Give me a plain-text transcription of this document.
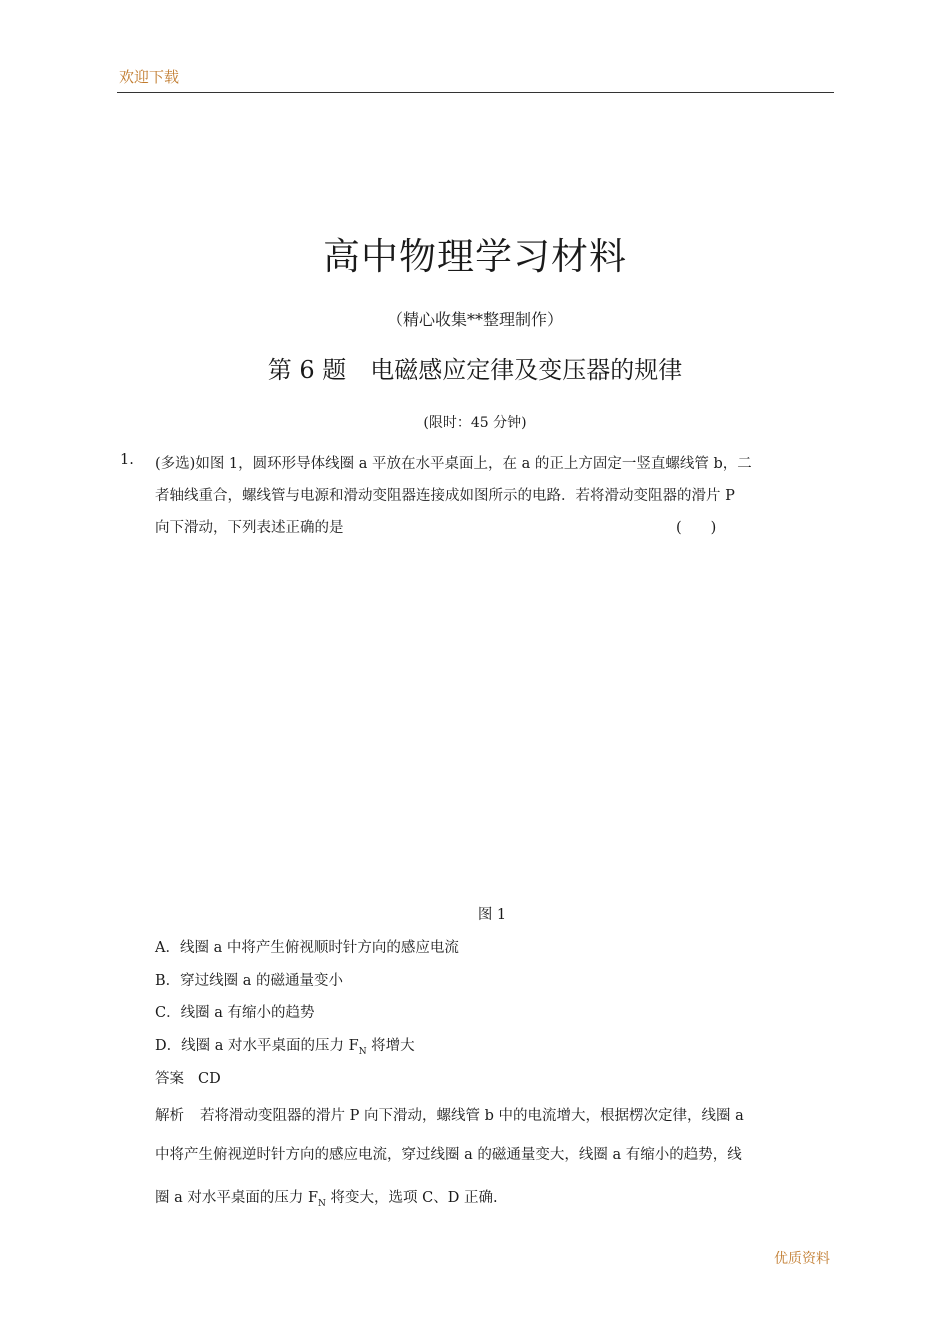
欢迎下载
高中物理学习材料
（精心收集**整理制作）
第 6 题　电磁感应定律及变压器的规律
(限时：45 分钟)
1. (多选)如图 1，圆环形导体线圈 a 平放在水平桌面上，在 a 的正上方固定一竖直螺线管 b，二
者轴线重合，螺线管与电源和滑动变阻器连接成如图所示的电路．若将滑动变阻器的滑片 P
向下滑动，下列表述正确的是	(　　)
图 1
A．线圈 a 中将产生俯视顺时针方向的感应电流
B．穿过线圈 a 的磁通量变小
C．线圈 a 有缩小的趋势
D．线圈 a 对水平桌面的压力 $F_N$ 将增大
答案 CD
解析 若将滑动变阻器的滑片 P 向下滑动，螺线管 b 中的电流增大，根据楞次定律，线圈 a
中将产生俯视逆时针方向的感应电流，穿过线圈 a 的磁通量变大，线圈 a 有缩小的趋势，线
圈 a 对水平桌面的压力 $F_N$ 将变大，选项 C、D 正确.
优质资料
